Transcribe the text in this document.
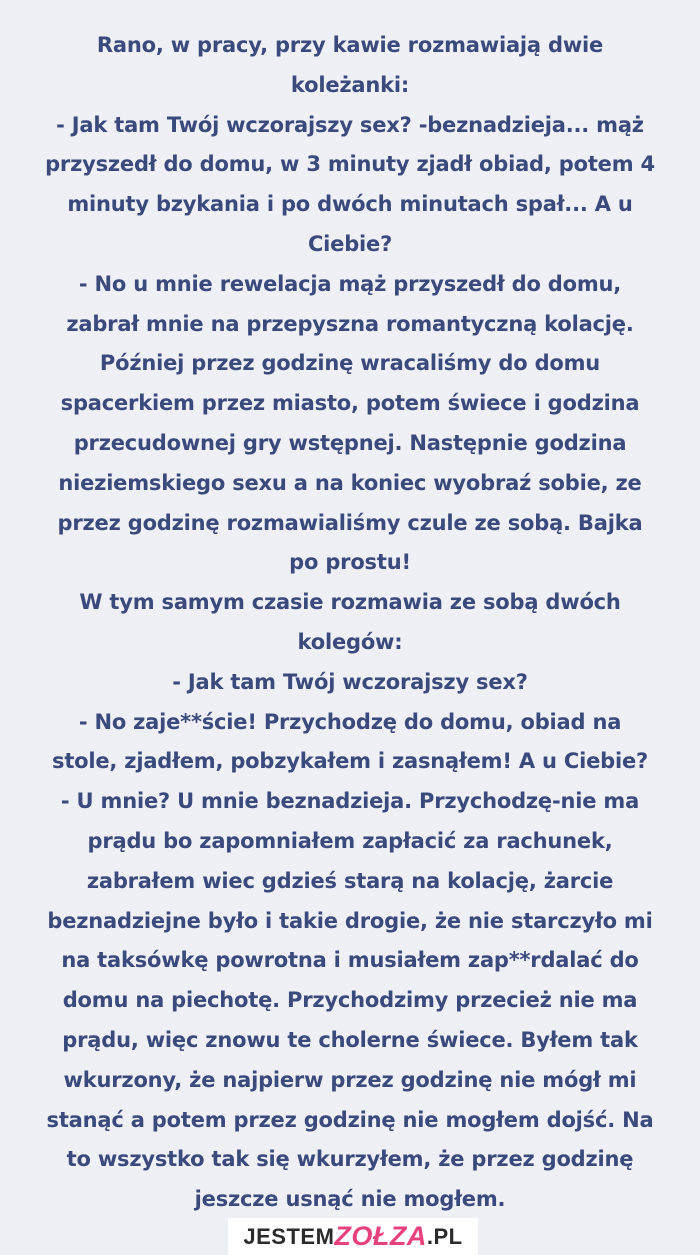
Rano, w pracy, przy kawie rozmawiają dwie
koleżanki:
- Jak tam Twój wczorajszy sex? -beznadzieja... mąż
przyszedł do domu, w 3 minuty zjadł obiad, potem 4
minuty bzykania i po dwóch minutach spał... A u
Ciebie?
- No u mnie rewelacja mąż przyszedł do domu,
zabrał mnie na przepyszna romantyczną kolację.
Później przez godzinę wracaliśmy do domu
spacerkiem przez miasto, potem świece i godzina
przecudownej gry wstępnej. Następnie godzina
nieziemskiego sexu a na koniec wyobraź sobie, ze
przez godzinę rozmawialiśmy czule ze sobą. Bajka
po prostu!
W tym samym czasie rozmawia ze sobą dwóch
kolegów:
- Jak tam Twój wczorajszy sex?
- No zaje**ście! Przychodzę do domu, obiad na
stole, zjadłem, pobzykałem i zasnąłem! A u Ciebie?
- U mnie? U mnie beznadzieja. Przychodzę-nie ma
prądu bo zapomniałem zapłacić za rachunek,
zabrałem wiec gdzieś starą na kolację, żarcie
beznadziejne było i takie drogie, że nie starczyło mi
na taksówkę powrotna i musiałem zap**rdalać do
domu na piechotę. Przychodzimy przecież nie ma
prądu, więc znowu te cholerne świece. Byłem tak
wkurzony, że najpierw przez godzinę nie mógł mi
stanąć a potem przez godzinę nie mogłem dojść. Na
to wszystko tak się wkurzyłem, że przez godzinę
jeszcze usnąć nie mogłem.
JESTEM ZOŁZA .PL
